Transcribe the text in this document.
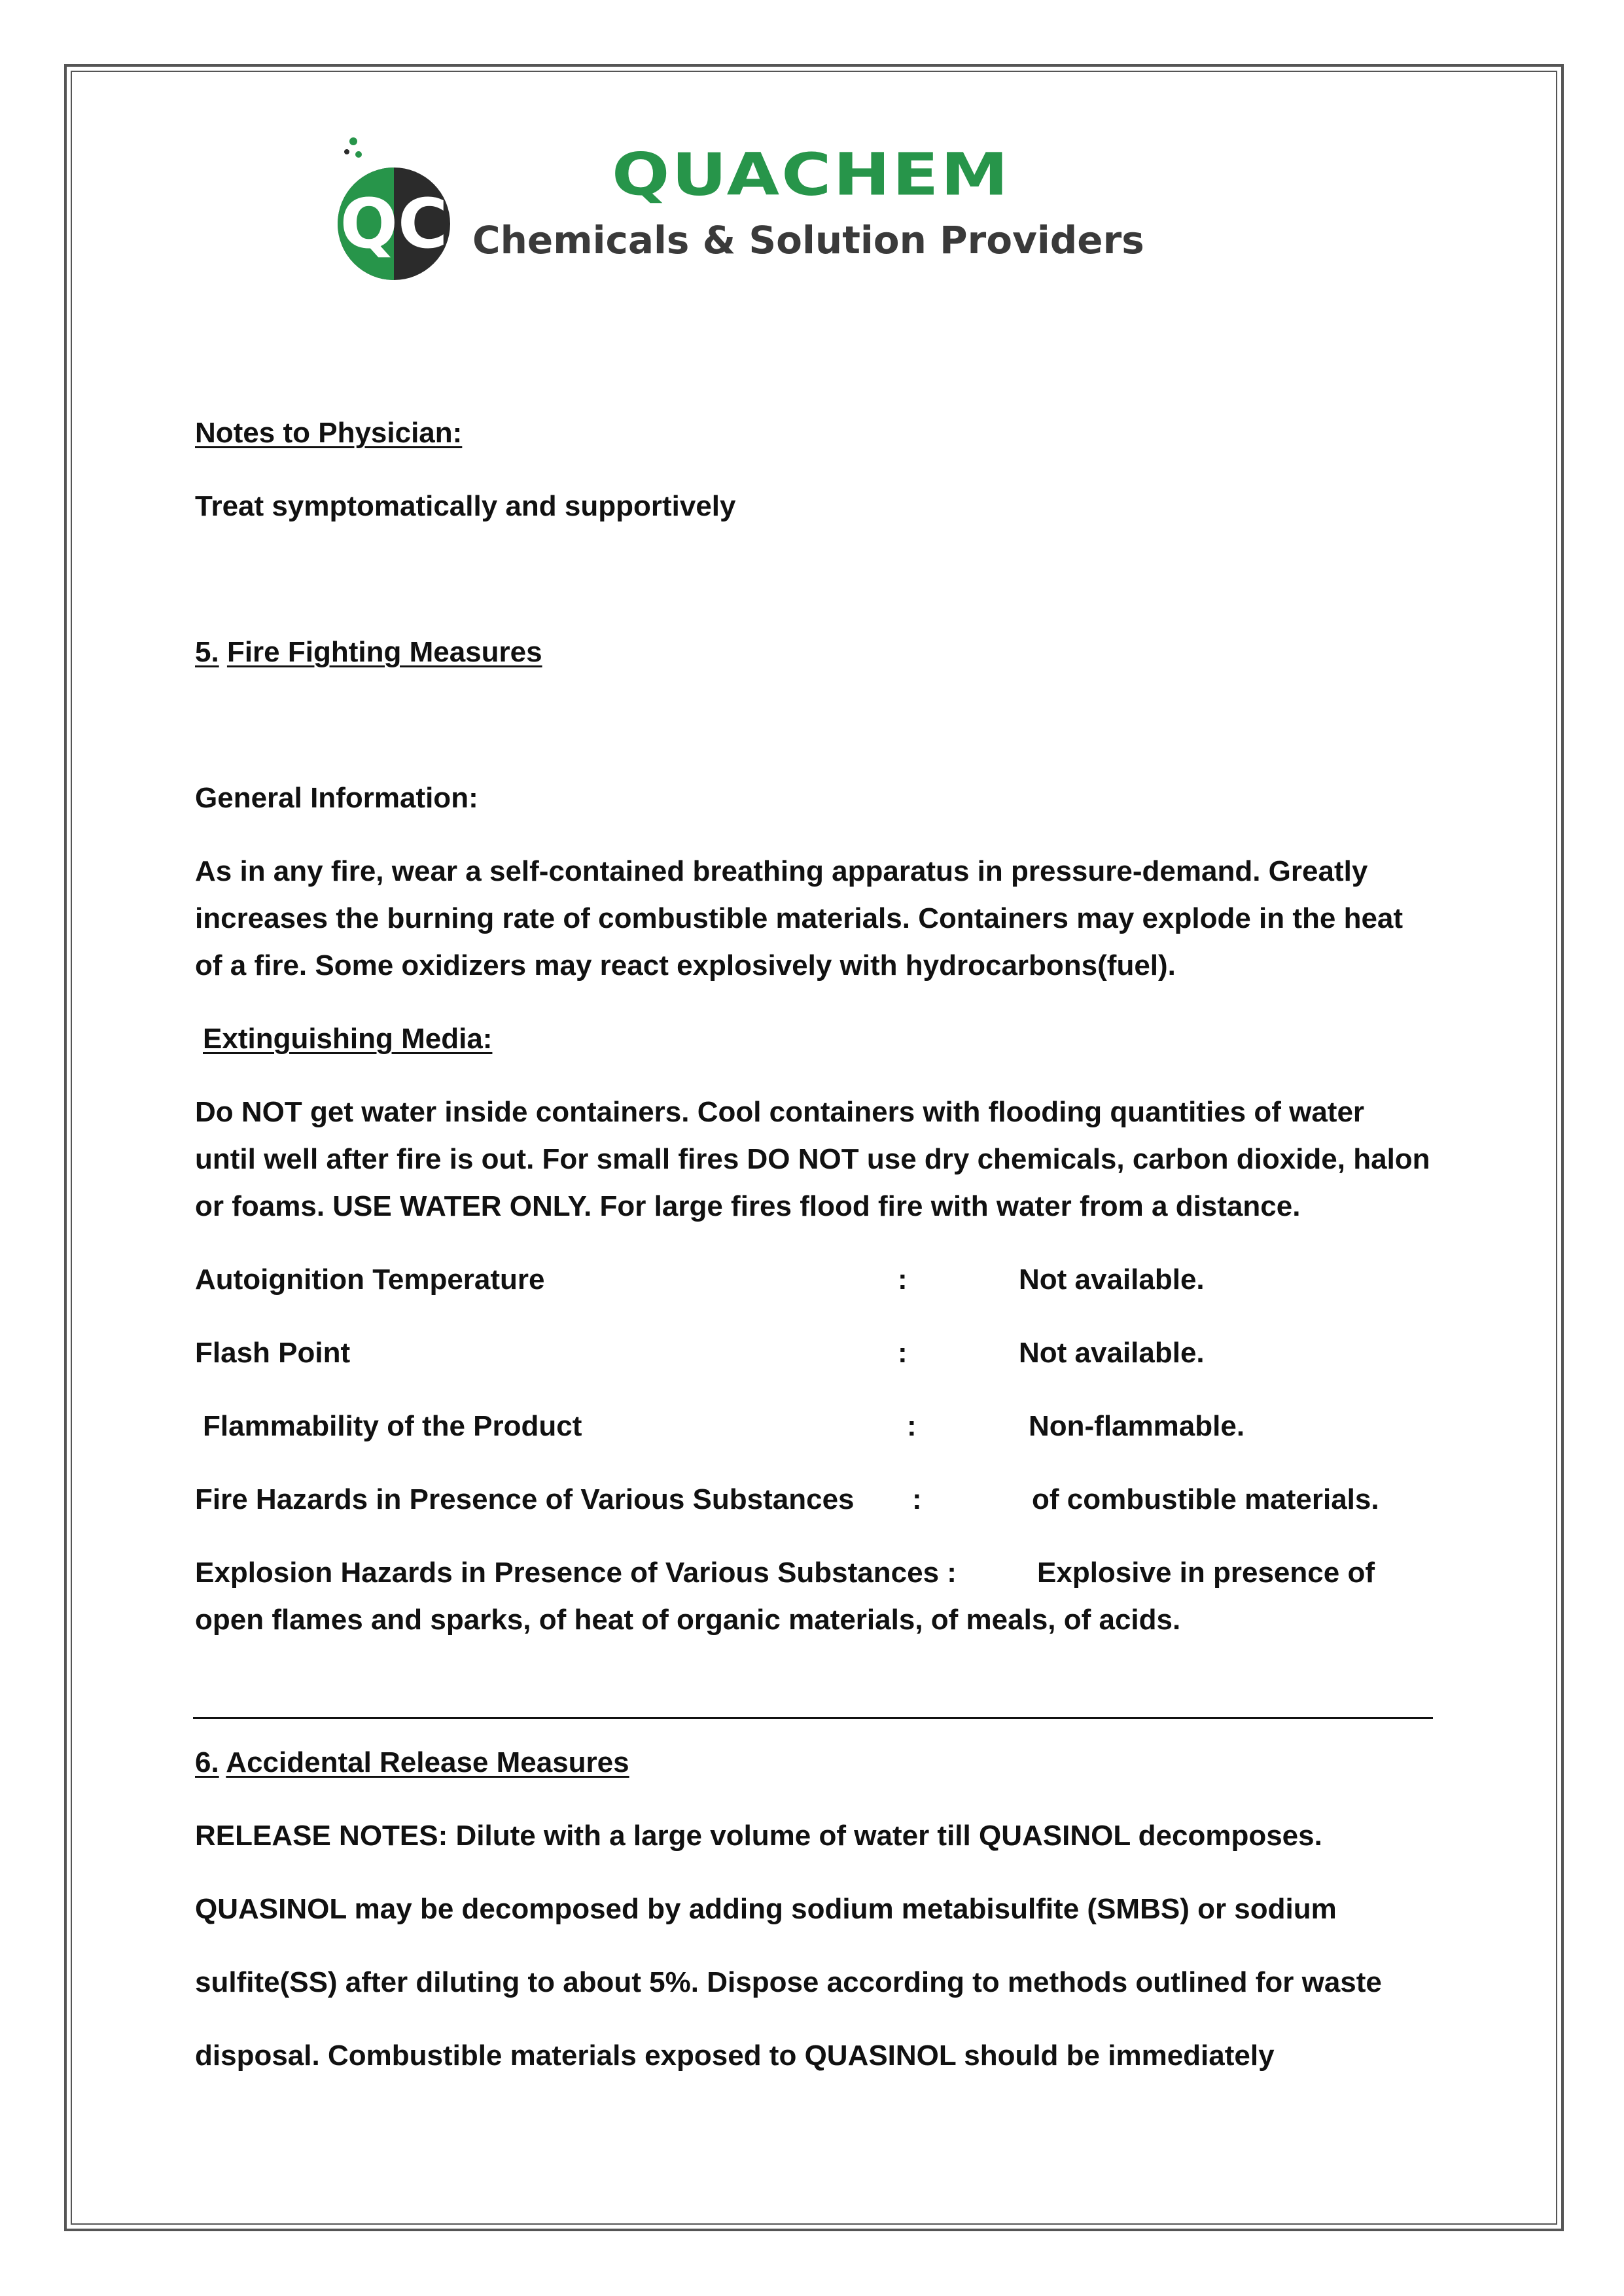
QC
QUACHEM
Chemicals & Solution Providers
Notes to Physician:
Treat symptomatically and supportively
5. Fire Fighting Measures
General Information:
As in any fire, wear a self-contained breathing apparatus in pressure-demand. Greatly
increases the burning rate of combustible materials. Containers may explode in the heat
of a fire. Some oxidizers may react explosively with hydrocarbons(fuel).
Extinguishing Media:
Do NOT get water inside containers. Cool containers with flooding quantities of water
until well after fire is out. For small fires DO NOT use dry chemicals, carbon dioxide, halon
or foams. USE WATER ONLY. For large fires flood fire with water from a distance.
Autoignition Temperature	:	Not available.
Flash Point	:	Not available.
Flammability of the Product	:	Non-flammable.
Fire Hazards in Presence of Various Substances :	of combustible materials.
Explosion Hazards in Presence of Various Substances :	Explosive in presence of
open flames and sparks, of heat of organic materials, of meals, of acids.
6. Accidental Release Measures
RELEASE NOTES: Dilute with a large volume of water till QUASINOL decomposes.
QUASINOL may be decomposed by adding sodium metabisulfite (SMBS) or sodium
sulfite(SS) after diluting to about 5%. Dispose according to methods outlined for waste
disposal. Combustible materials exposed to QUASINOL should be immediately
